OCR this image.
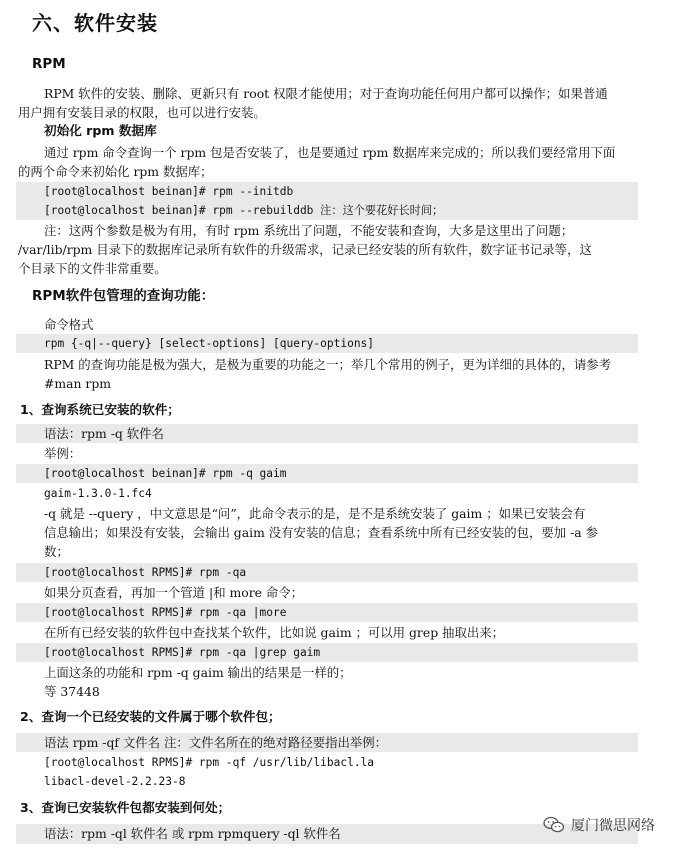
六、软件安装
RPM
RPM 软件的安装、删除、更新只有 root 权限才能使用；对于查询功能任何用户都可以操作；如果普通
用户拥有安装目录的权限，也可以进行安装。
初始化 rpm 数据库
通过 rpm 命令查询一个 rpm 包是否安装了，也是要通过 rpm 数据库来完成的；所以我们要经常用下面
的两个命令来初始化 rpm 数据库；
[root@localhost beinan]# rpm --initdb
[root@localhost beinan]# rpm --rebuilddb 注：这个要花好长时间；
注：这两个参数是极为有用，有时 rpm 系统出了问题，不能安装和查询，大多是这里出了问题；
/var/lib/rpm 目录下的数据库记录所有软件的升级需求，记录已经安装的所有软件，数字证书记录等，这
个目录下的文件非常重要。
RPM软件包管理的查询功能：
命令格式
rpm {-q|--query} [select-options] [query-options]
RPM 的查询功能是极为强大，是极为重要的功能之一；举几个常用的例子，更为详细的具体的，请参考
#man rpm
1、查询系统已安装的软件；
语法：rpm -q 软件名
举例：
[root@localhost beinan]# rpm -q gaim
gaim-1.3.0-1.fc4
-q 就是 --query ，中文意思是“问”，此命令表示的是，是不是系统安装了 gaim ；如果已安装会有
信息输出；如果没有安装，会输出 gaim 没有安装的信息；查看系统中所有已经安装的包，要加 -a 参
数；
[root@localhost RPMS]# rpm -qa
如果分页查看，再加一个管道 |和 more 命令；
[root@localhost RPMS]# rpm -qa |more
在所有已经安装的软件包中查找某个软件，比如说 gaim ；可以用 grep 抽取出来；
[root@localhost RPMS]# rpm -qa |grep gaim
上面这条的功能和 rpm -q gaim 输出的结果是一样的；
等 37448
2、查询一个已经安装的文件属于哪个软件包；
语法 rpm -qf 文件名 注：文件名所在的绝对路径要指出举例：
[root@localhost RPMS]# rpm -qf /usr/lib/libacl.la
libacl-devel-2.2.23-8
3、查询已安装软件包都安装到何处；
语法：rpm -ql 软件名 或 rpm rpmquery -ql 软件名	厦门微思网络
